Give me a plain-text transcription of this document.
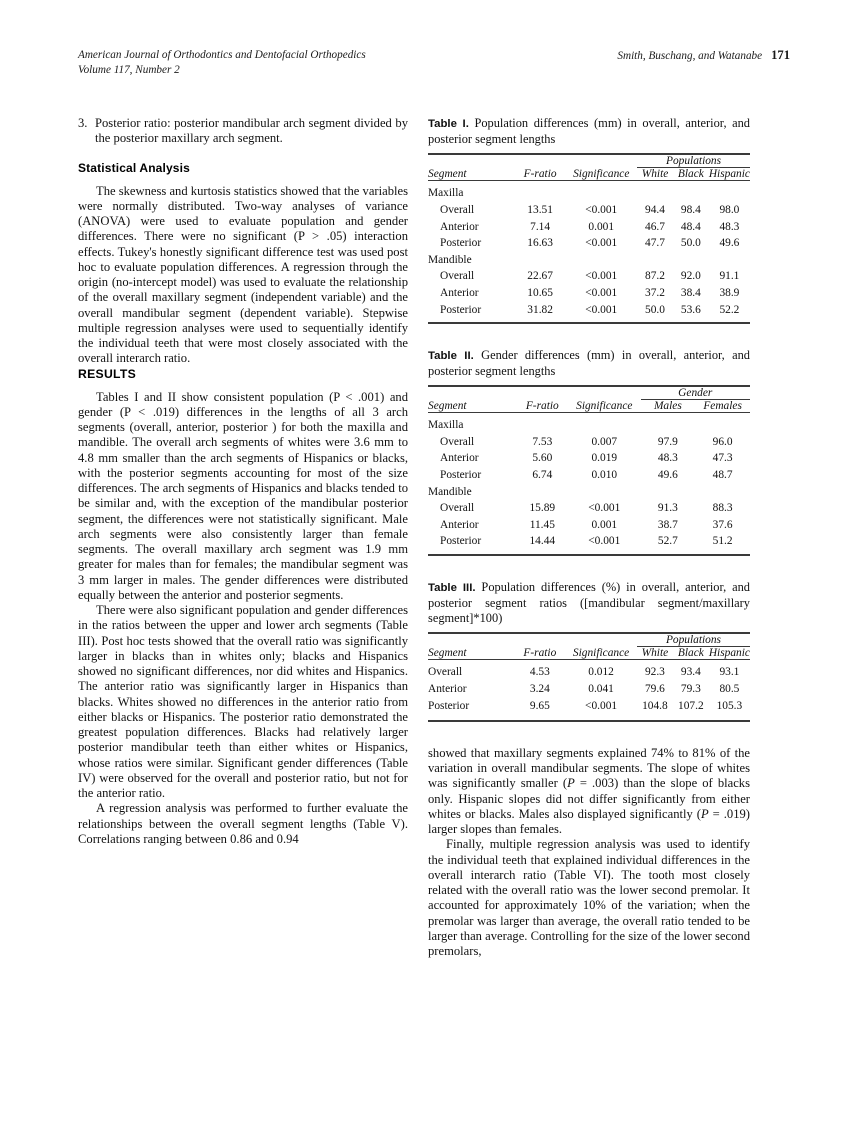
American Journal of Orthodontics and Dentofacial Orthopedics
Volume 117, Number 2
Smith, Buschang, and Watanabe 171
3. Posterior ratio: posterior mandibular arch segment divided by the posterior maxillary arch segment.
Statistical Analysis

The skewness and kurtosis statistics showed that the variables were normally distributed. Two-way analyses of variance (ANOVA) were used to evaluate population and gender differences. There were no significant (P > .05) interaction effects. Tukey's honestly significant difference test was used post hoc to evaluate population differences. A regression through the origin (no-intercept model) was used to evaluate the relationship of the overall maxillary segment (independent variable) and the overall mandibular segment (dependent variable). Stepwise multiple regression analyses were used to sequentially identify the individual teeth that were most closely associated with the overall interarch ratio.

RESULTS

Tables I and II show consistent population (P < .001) and gender (P < .019) differences in the lengths of all 3 arch segments (overall, anterior, posterior ) for both the maxilla and mandible. The overall arch segments of whites were 3.6 mm to 4.8 mm smaller than the arch segments of Hispanics or blacks, with the posterior segments accounting for most of the size differences. The arch segments of Hispanics and blacks tended to be similar and, with the exception of the mandibular posterior segment, the differences were not statistically significant. Male arch segments were also consistently larger than female segments. The overall maxillary arch segment was 1.9 mm greater for males than for females; the mandibular segment was 3 mm larger in males. The gender differences were distributed equally between the anterior and posterior segments.

There were also significant population and gender differences in the ratios between the upper and lower arch segments (Table III). Post hoc tests showed that the overall ratio was significantly larger in blacks than in whites only; blacks and Hispanics showed no significant differences, nor did whites and Hispanics. The anterior ratio was significantly larger in Hispanics than blacks. Whites showed no differences in the anterior ratio from either blacks or Hispanics. The posterior ratio demonstrated the greatest population differences. Blacks had relatively larger posterior mandibular teeth than either whites or Hispanics, whose ratios were similar. Significant gender differences (Table IV) were observed for the overall and posterior ratio, but not for the anterior ratio.

A regression analysis was performed to further evaluate the relationships between the overall segment lengths (Table V). Correlations ranging between 0.86 and 0.94

Table I. Population differences (mm) in overall, anterior, and posterior segment lengths

			Populations		
Segment	F-ratio	Significance	White	Black	Hispanic

Maxilla					
Overall	13.51	<0.001	94.4	98.4	98.0
Anterior	7.14	0.001	46.7	48.4	48.3
Posterior	16.63	<0.001	47.7	50.0	49.6
Mandible					
Overall	22.67	<0.001	87.2	92.0	91.1
Anterior	10.65	<0.001	37.2	38.4	38.9
Posterior	31.82	<0.001	50.0	53.6	52.2

Table II. Gender differences (mm) in overall, anterior, and posterior segment lengths

			Gender	
Segment	F-ratio	Significance	Males	Females

Maxilla				
Overall	7.53	0.007	97.9	96.0
Anterior	5.60	0.019	48.3	47.3
Posterior	6.74	0.010	49.6	48.7
Mandible				
Overall	15.89	<0.001	91.3	88.3
Anterior	11.45	0.001	38.7	37.6
Posterior	14.44	<0.001	52.7	51.2

Table III. Population differences (%) in overall, anterior, and posterior segment ratios ([mandibular segment/maxillary segment]*100)

			Populations		
Segment	F-ratio	Significance	White	Black	Hispanic

Overall	4.53	0.012	92.3	93.4	93.1
Anterior	3.24	0.041	79.6	79.3	80.5
Posterior	9.65	<0.001	104.8	107.2	105.3

showed that maxillary segments explained 74% to 81% of the variation in overall mandibular segments. The slope of whites was significantly smaller (P = .003) than the slope of blacks only. Hispanic slopes did not differ significantly from either whites or blacks. Males also displayed significantly (P = .019) larger slopes than females.

Finally, multiple regression analysis was used to identify the individual teeth that explained individual differences in the overall interarch ratio (Table VI). The tooth most closely related with the overall ratio was the lower second premolar. It accounted for approximately 10% of the variation; when the premolar was larger than average, the overall ratio tended to be larger than average. Controlling for the size of the lower second premolars,
